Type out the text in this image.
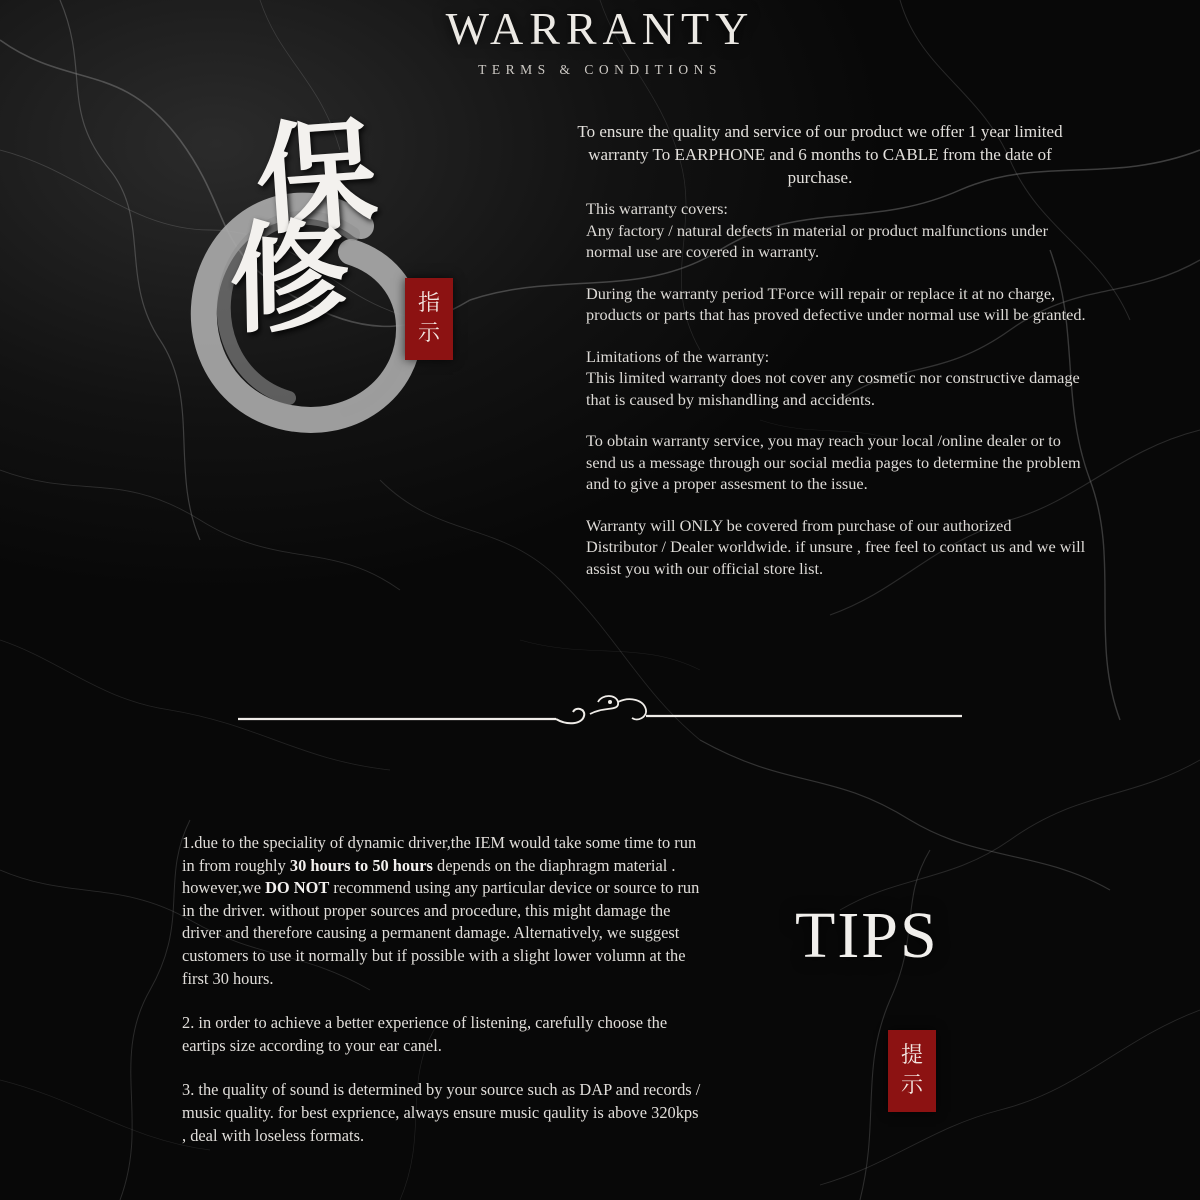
WARRANTY
TERMS & CONDITIONS
To ensure the quality and service of our product we offer 1 year limited warranty To EARPHONE and 6 months to CABLE from the date of purchase.

This warranty covers:
Any factory / natural defects in material or product malfunctions under normal use are covered in warranty.

During the warranty period TForce will repair or replace it at no charge, products or parts that has proved defective under normal use will be granted.

Limitations of the warranty:
This limited warranty does not cover any cosmetic nor constructive damage that is caused by mishandling and accidents.

To obtain warranty service, you may reach your local /online dealer or to send us a message through our social media pages to determine the problem and to give a proper assesment to the issue.

Warranty will ONLY be covered from purchase of our authorized Distributor / Dealer worldwide. if unsure , free feel to contact us and we will assist you with our official store list.

保
修	指
示
TIPS
提
示

1.due to the speciality of dynamic driver,the IEM would take some time to run in from roughly 30 hours to 50 hours depends on the diaphragm material . however,we DO NOT recommend using any particular device or source to run in the driver. without proper sources and procedure, this might damage the driver and therefore causing a permanent damage. Alternatively, we suggest customers to use it normally but if possible with a slight lower volumn at the first 30 hours.

2. in order to achieve a better experience of listening, carefully choose the eartips size according to your ear canel.

3. the quality of sound is determined by your source such as DAP and records / music quality. for best exprience, always ensure music qaulity is above 320kps , deal with loseless formats.
